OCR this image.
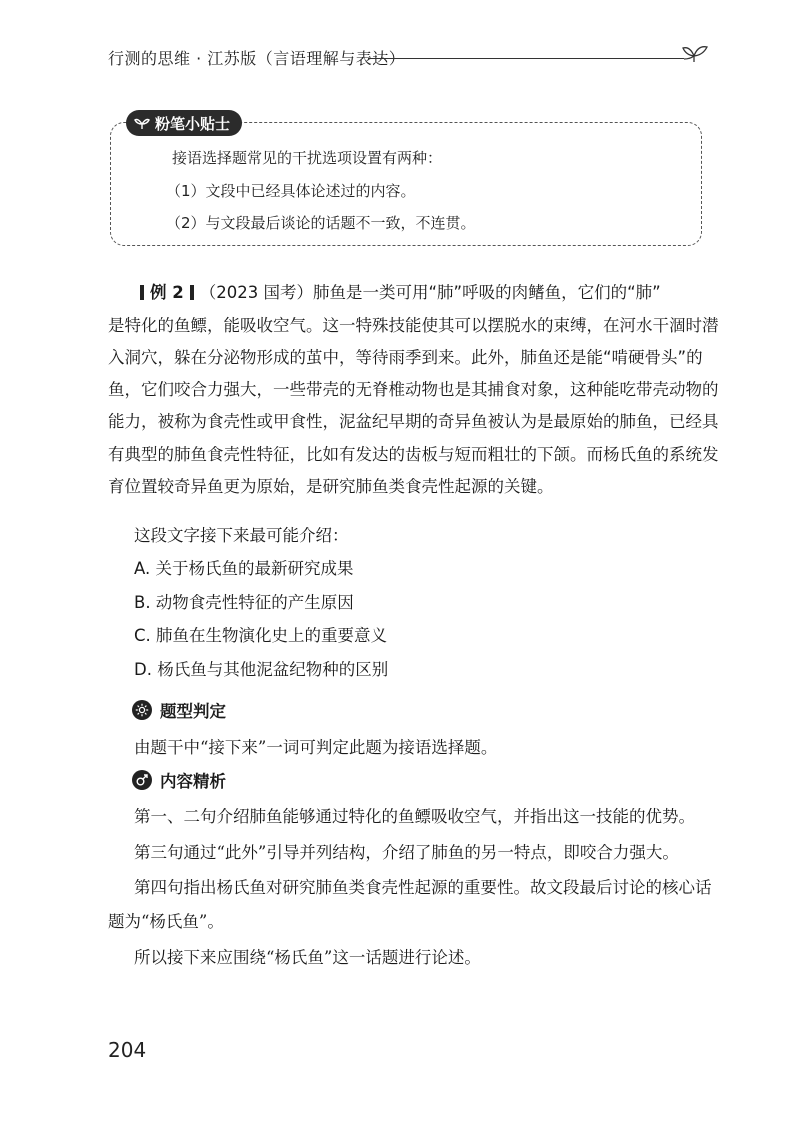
行测的思维 · 江苏版（言语理解与表达）
粉笔小贴士
接语选择题常见的干扰选项设置有两种：
（1）文段中已经具体论述过的内容。
（2）与文段最后谈论的话题不一致，不连贯。
例 2 （2023 国考）肺鱼是一类可用“肺”呼吸的肉鳍鱼，它们的“肺”
是特化的鱼鳔，能吸收空气。这一特殊技能使其可以摆脱水的束缚，在河水干涸时潜
入洞穴，躲在分泌物形成的茧中，等待雨季到来。此外，肺鱼还是能“啃硬骨头”的
鱼，它们咬合力强大，一些带壳的无脊椎动物也是其捕食对象，这种能吃带壳动物的
能力，被称为食壳性或甲食性，泥盆纪早期的奇异鱼被认为是最原始的肺鱼，已经具
有典型的肺鱼食壳性特征，比如有发达的齿板与短而粗壮的下颌。而杨氏鱼的系统发
育位置较奇异鱼更为原始，是研究肺鱼类食壳性起源的关键。
这段文字接下来最可能介绍：
A. 关于杨氏鱼的最新研究成果
B. 动物食壳性特征的产生原因
C. 肺鱼在生物演化史上的重要意义
D. 杨氏鱼与其他泥盆纪物种的区别
题型判定
由题干中“接下来”一词可判定此题为接语选择题。
内容精析
第一、二句介绍肺鱼能够通过特化的鱼鳔吸收空气，并指出这一技能的优势。
第三句通过“此外”引导并列结构，介绍了肺鱼的另一特点，即咬合力强大。
第四句指出杨氏鱼对研究肺鱼类食壳性起源的重要性。故文段最后讨论的核心话
题为“杨氏鱼”。
所以接下来应围绕“杨氏鱼”这一话题进行论述。
204
